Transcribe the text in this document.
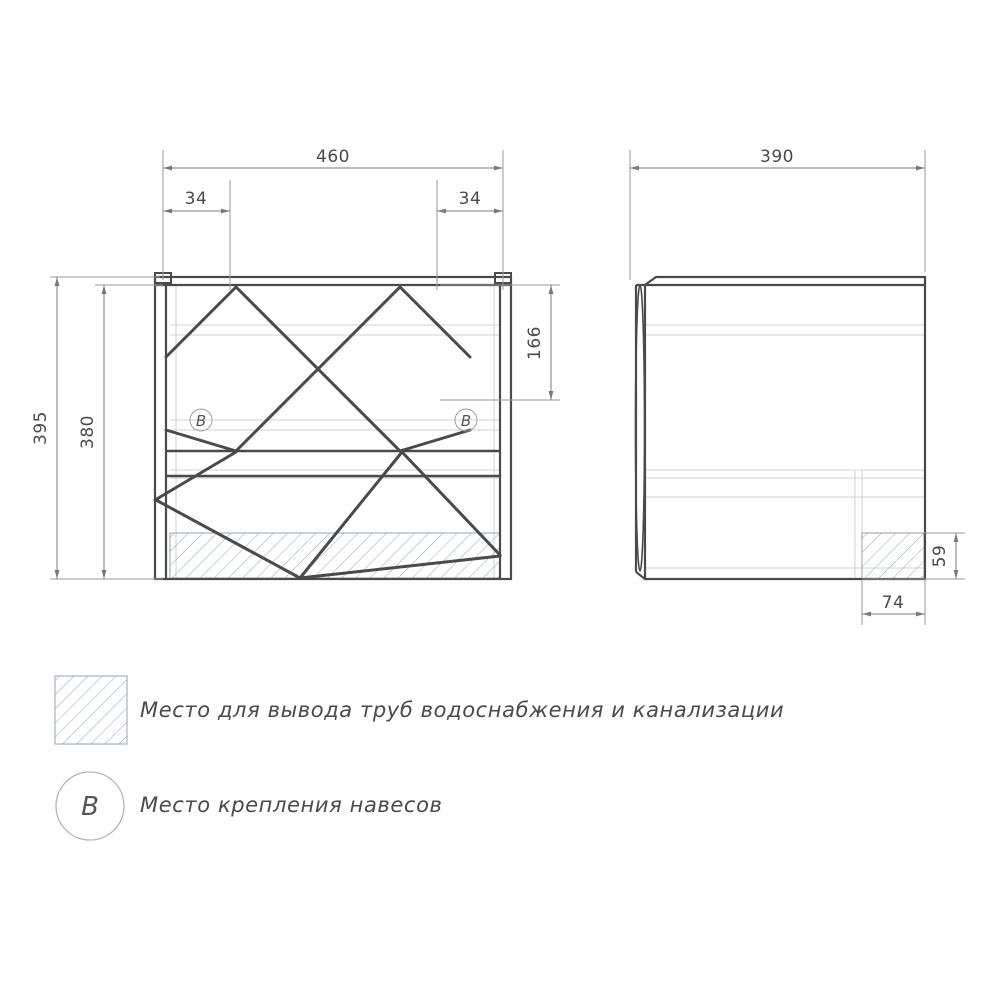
B	B
460
34	34
395 380
166
390
59
74
B
Место для вывода труб водоснабжения и канализации
Место крепления навесов
